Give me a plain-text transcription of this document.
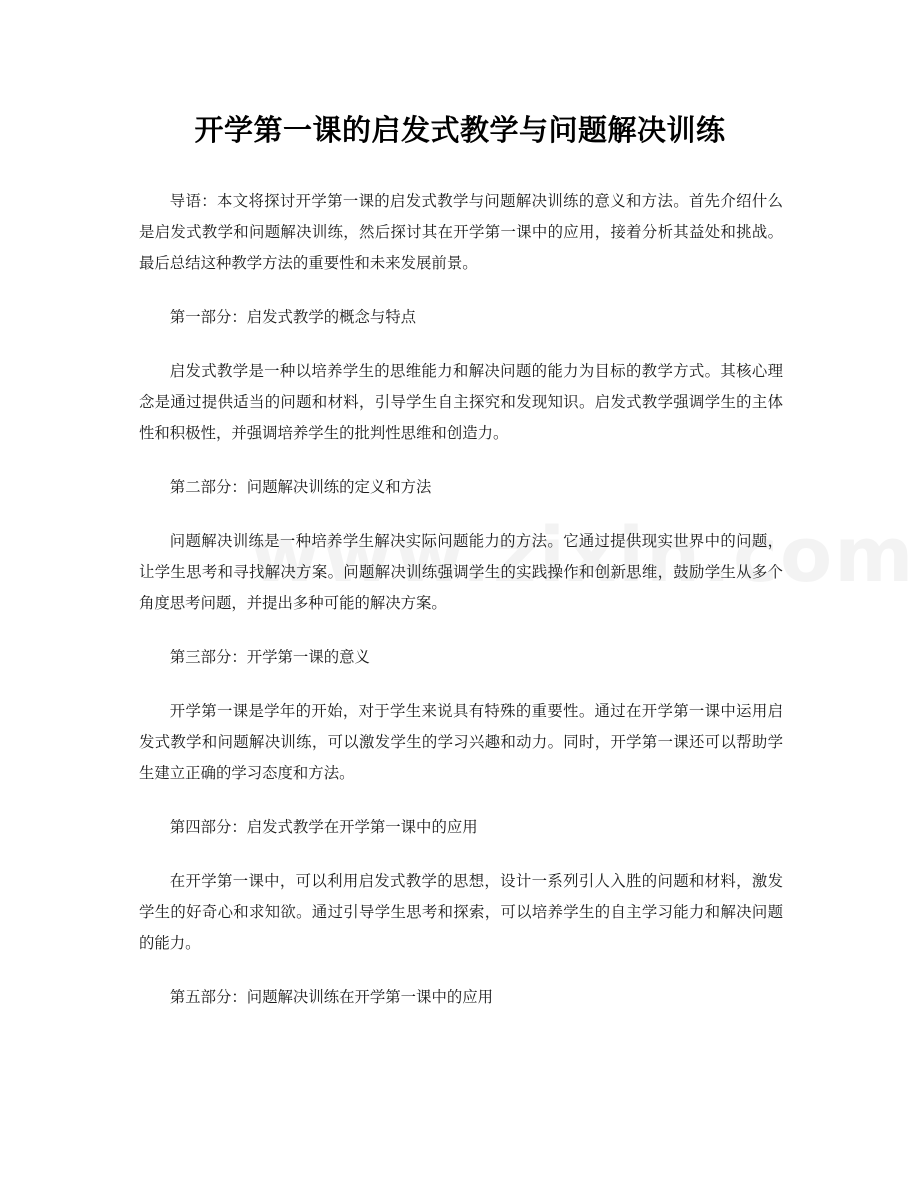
开学第一课的启发式教学与问题解决训练

导语：本文将探讨开学第一课的启发式教学与问题解决训练的意义和方法。首先介绍什么是启发式教学和问题解决训练，然后探讨其在开学第一课中的应用，接着分析其益处和挑战。最后总结这种教学方法的重要性和未来发展前景。

第一部分：启发式教学的概念与特点

启发式教学是一种以培养学生的思维能力和解决问题的能力为目标的教学方式。其核心理念是通过提供适当的问题和材料，引导学生自主探究和发现知识。启发式教学强调学生的主体性和积极性，并强调培养学生的批判性思维和创造力。

第二部分：问题解决训练的定义和方法

问题解决训练是一种培养学生解决实际问题能力的方法。它通过提供现实世界中的问题，让学生思考和寻找解决方案。问题解决训练强调学生的实践操作和创新思维，鼓励学生从多个角度思考问题，并提出多种可能的解决方案。

第三部分：开学第一课的意义

开学第一课是学年的开始，对于学生来说具有特殊的重要性。通过在开学第一课中运用启发式教学和问题解决训练，可以激发学生的学习兴趣和动力。同时，开学第一课还可以帮助学生建立正确的学习态度和方法。

第四部分：启发式教学在开学第一课中的应用

在开学第一课中，可以利用启发式教学的思想，设计一系列引人入胜的问题和材料，激发学生的好奇心和求知欲。通过引导学生思考和探索，可以培养学生的自主学习能力和解决问题的能力。

第五部分：问题解决训练在开学第一课中的应用
